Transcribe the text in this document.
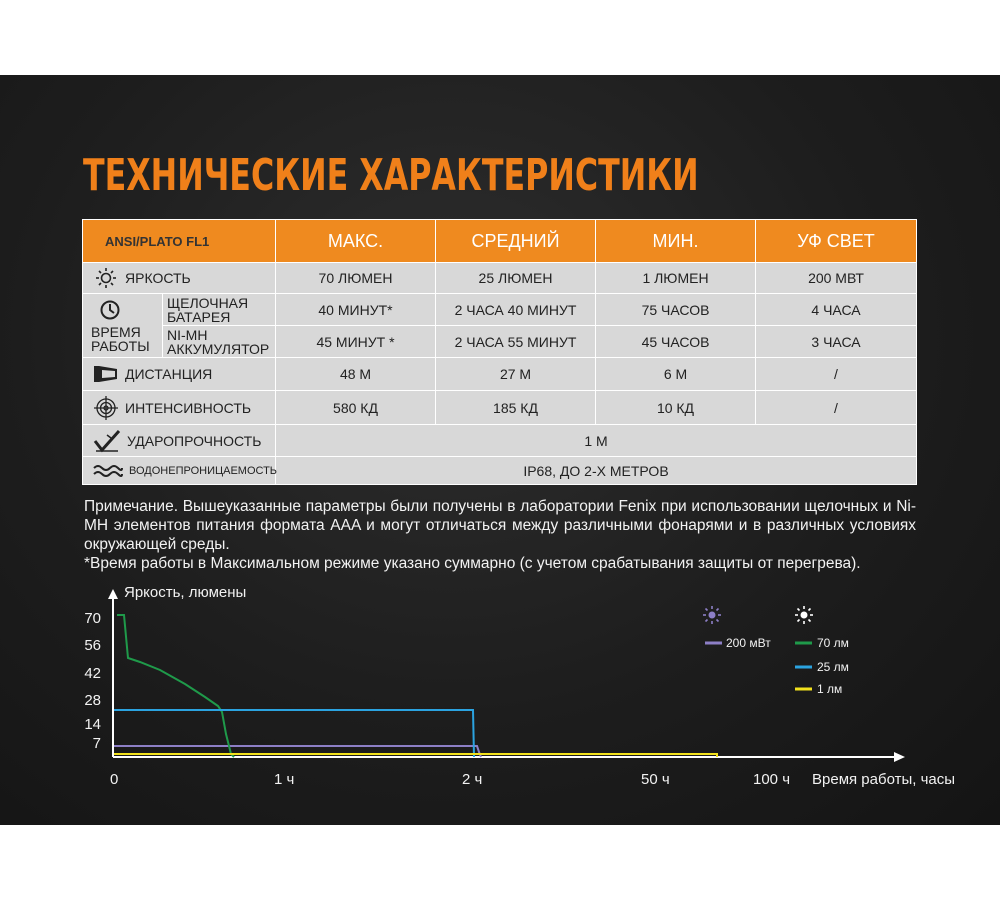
ТЕХНИЧЕСКИЕ ХАРАКТЕРИСТИКИ
ANSI/PLATO FL1		МАКС.	СРЕДНИЙ	МИН.	УФ СВЕТ

ЯРКОСТЬ		70 ЛЮМЕН	25 ЛЮМЕН	1 ЛЮМЕН	200 МВТ

ВРЕМЯ РАБОТЫ	ЩЕЛОЧНАЯ БАТАРЕЯ	40 МИНУТ*	2 ЧАСА 40 МИНУТ	75 ЧАСОВ	4 ЧАСА

	NI-MH АККУМУЛЯТОР	45 МИНУТ *	2 ЧАСА 55 МИНУТ	45 ЧАСОВ	3 ЧАСА

ДИСТАНЦИЯ		48 М	27 М	6 М	/

ИНТЕНСИВНОСТЬ		580 КД	185 КД	10 КД	/

УДАРОПРОЧНОСТЬ		1 М			

ВОДОНЕПРОНИЦАЕМОСТЬ		IP68, ДО 2-Х МЕТРОВ			

Примечание. Вышеуказанные параметры были получены в лаборатории Fenix при использовании щелочных и Ni-MH элементов питания формата AAA и могут отличаться между различными фонарями и в различных условиях окружающей среды.

*Время работы в Максимальном режиме указано суммарно (с учетом срабатывания защиты от перегрева).

Яркость, люмены
Время работы, часы
70
56
42
28
14
7
0	1 ч	2 ч	50 ч	100 ч
200 мВт	70 лм
25 лм
1 лм
